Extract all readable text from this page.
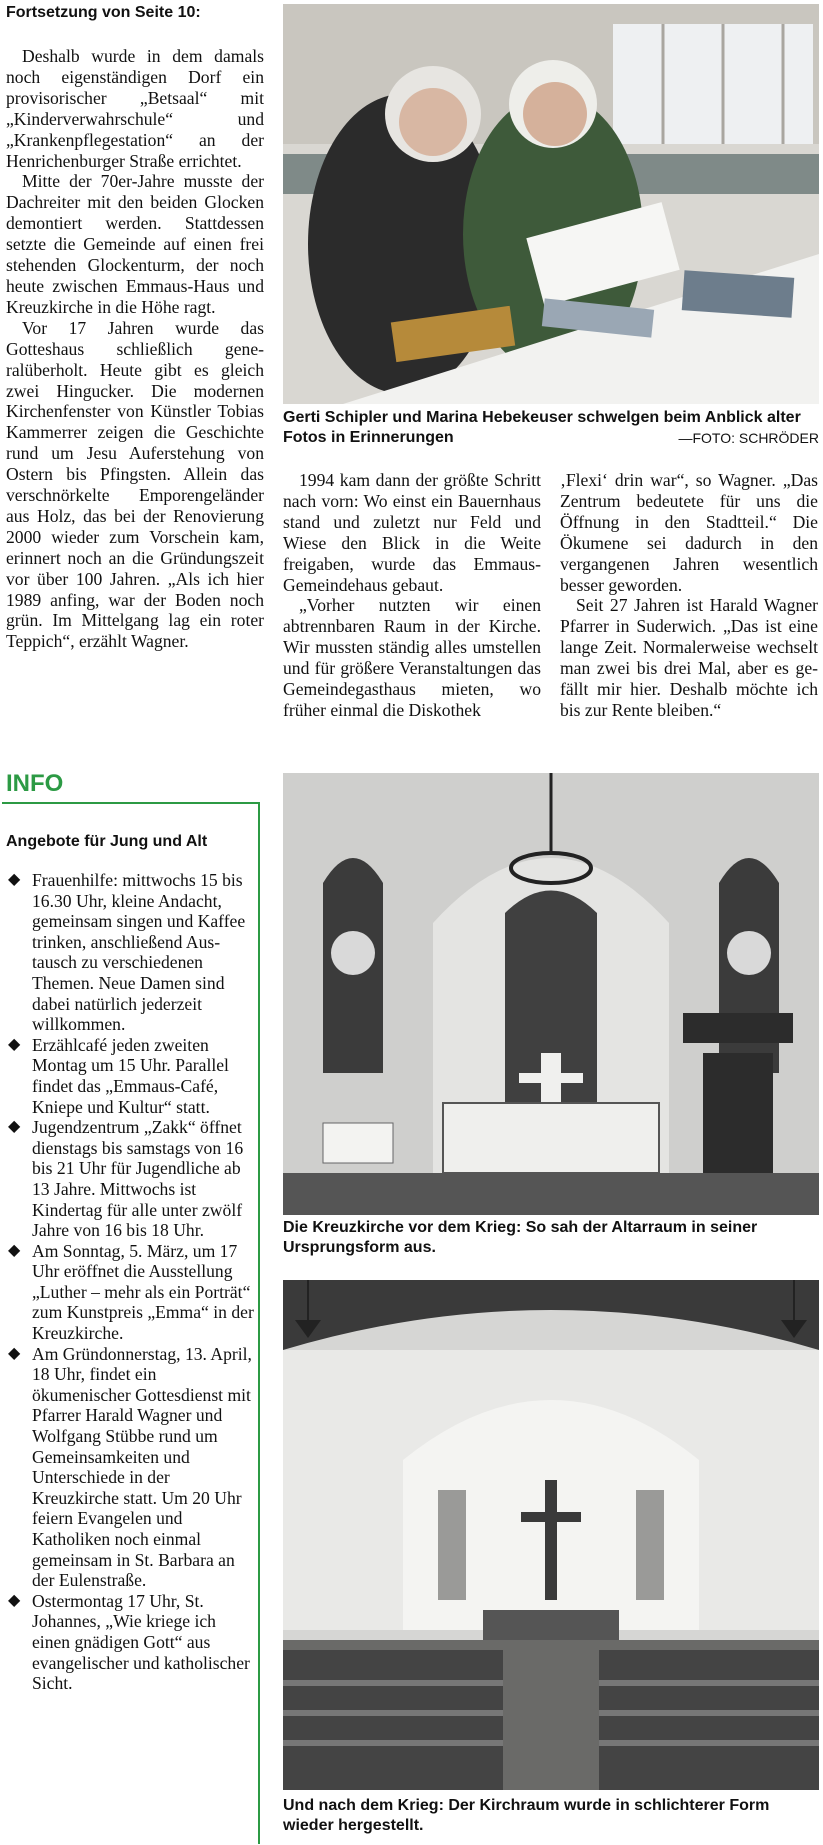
Fortsetzung von Seite 10:

Deshalb wurde in dem damals noch eigenständigen Dorf ein provisorischer „Betsaal“ mit „Kinderverwahrschule“ und „Krankenpflegestation“ an der Henrichenburger Straße errichtet.

Mitte der 70er-Jahre musste der Dachreiter mit den beiden Glocken demontiert werden. Stattdessen setzte die Gemeinde auf einen frei stehenden Glockenturm, der noch heute zwischen Emmaus-Haus und Kreuzkirche in die Höhe ragt.

Vor 17 Jahren wurde das Gotteshaus schließlich generalüberholt. Heute gibt es gleich zwei Hingucker. Die modernen Kirchenfenster von Künstler Tobias Kammerrer zeigen die Geschichte rund um Jesu Auferstehung von Ostern bis Pfingsten. Allein das verschnörkelte Emporengeländer aus Holz, das bei der Renovierung 2000 wieder zum Vorschein kam, erinnert noch an die Gründungszeit vor über 100 Jahren. „Als ich hier 1989 anfing, war der Boden noch grün. Im Mittelgang lag ein roter Teppich“, erzählt Wagner.

Gerti Schipler und Marina Hebekeuser schwelgen beim Anblick alter Fotos in Erinnerungen	—FOTO: SCHRÖDER

1994 kam dann der größte Schritt nach vorn: Wo einst ein Bauernhaus stand und zuletzt nur Feld und Wiese den Blick in die Weite freigaben, wurde das Emmaus-Gemeindehaus gebaut.

„Vorher nutzten wir einen abtrennbaren Raum in der Kirche. Wir mussten ständig alles umstellen und für größere Veranstaltungen das Gemeindegasthaus mieten, wo früher einmal die Diskothek

‚Flexi‘ drin war“, so Wagner. „Das Zentrum bedeutete für uns die Öffnung in den Stadtteil.“ Die Ökumene sei dadurch in den vergangenen Jahren wesentlich besser geworden.

Seit 27 Jahren ist Harald Wagner Pfarrer in Suderwich. „Das ist eine lange Zeit. Normalerweise wechselt man zwei bis drei Mal, aber es gefällt mir hier. Deshalb möchte ich bis zur Rente bleiben.“

INFO
Angebote für Jung und Alt
◆ Frauenhilfe: mittwochs 15 bis 16.30 Uhr, kleine Andacht, gemeinsam singen und Kaffee trinken, anschließend Austausch zu verschiedenen Themen. Neue Damen sind dabei natürlich jederzeit willkommen.
◆ Erzählcafé jeden zweiten Montag um 15 Uhr. Parallel findet das „Emmaus-Café, Kniepe und Kultur“ statt.
◆ Jugendzentrum „Zakk“ öffnet dienstags bis samstags von 16 bis 21 Uhr für Jugendliche ab 13 Jahre. Mittwochs ist Kindertag für alle unter zwölf Jahre von 16 bis 18 Uhr.
◆ Am Sonntag, 5. März, um 17 Uhr eröffnet die Ausstellung „Luther – mehr als ein Porträt“ zum Kunstpreis „Emma“ in der Kreuzkirche.
◆ Am Gründonnerstag, 13. April, 18 Uhr, findet ein ökumenischer Gottesdienst mit Pfarrer Harald Wagner und Wolfgang Stübbe rund um Gemeinsamkeiten und Unterschiede in der Kreuzkirche statt. Um 20 Uhr feiern Evangelen und Katholiken noch einmal gemeinsam in St. Barbara an der Eulenstraße.
◆ Ostermontag 17 Uhr, St. Johannes, „Wie kriege ich einen gnädigen Gott“ aus evangelischer und katholischer Sicht.
Die Kreuzkirche vor dem Krieg: So sah der Altarraum in seiner Ursprungsform aus.
Und nach dem Krieg: Der Kirchraum wurde in schlichterer Form wieder hergestellt.
